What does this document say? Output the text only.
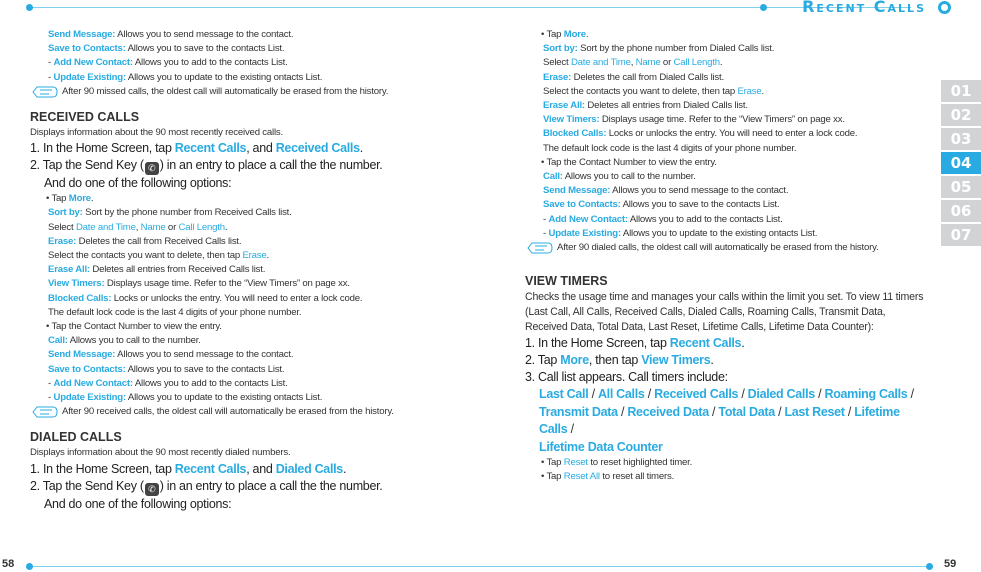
Recent Calls
58	59
01
02
03
04
05
06
07
Send Message: Allows you to send message to the contact.
Save to Contacts: Allows you to save to the contacts List.
- Add New Contact: Allows you to add to the contacts List.
- Update Existing: Allows you to update to the existing ontacts List.
After 90 missed calls, the oldest call will automatically be erased from the history.
RECEIVED CALLS
Displays information about the 90 most recently received calls.
1. In the Home Screen, tap Recent Calls, and Received Calls.
2. Tap the Send Key ( ✆ ) in an entry to place a call the the number.
And do one of the following options:
• Tap More.
Sort by: Sort by the phone number from Received Calls list.
Select Date and Time, Name or Call Length.
Erase: Deletes the call from Received Calls list.
Select the contacts you want to delete, then tap Erase.
Erase All: Deletes all entries from Received Calls list.
View Timers: Displays usage time. Refer to the “View Timers” on page xx.
Blocked Calls: Locks or unlocks the entry. You will need to enter a lock code.
The default lock code is the last 4 digits of your phone number.
• Tap the Contact Number to view the entry.
Call: Allows you to call to the number.
Send Message: Allows you to send message to the contact.
Save to Contacts: Allows you to save to the contacts List.
- Add New Contact: Allows you to add to the contacts List.
- Update Existing: Allows you to update to the existing ontacts List.
After 90 received calls, the oldest call will automatically be erased from the history.
DIALED CALLS
Displays information about the 90 most recently dialed numbers.
1. In the Home Screen, tap Recent Calls, and Dialed Calls.
2. Tap the Send Key ( ✆ ) in an entry to place a call the the number.
And do one of the following options:
• Tap More.
Sort by: Sort by the phone number from Dialed Calls list.
Select Date and Time, Name or Call Length.
Erase: Deletes the call from Dialed Calls list.
Select the contacts you want to delete, then tap Erase.
Erase All: Deletes all entries from Dialed Calls list.
View Timers: Displays usage time. Refer to the “View Timers” on page xx.
Blocked Calls: Locks or unlocks the entry. You will need to enter a lock code.
The default lock code is the last 4 digits of your phone number.
• Tap the Contact Number to view the entry.
Call: Allows you to call to the number.
Send Message: Allows you to send message to the contact.
Save to Contacts: Allows you to save to the contacts List.
- Add New Contact: Allows you to add to the contacts List.
- Update Existing: Allows you to update to the existing ontacts List.
After 90 dialed calls, the oldest call will automatically be erased from the history.
VIEW TIMERS
Checks the usage time and manages your calls within the limit you set. To view 11 timers (Last Call, All Calls, Received Calls, Dialed Calls, Roaming Calls, Transmit Data, Received Data, Total Data, Last Reset, Lifetime Calls, Lifetime Data Counter):
1. In the Home Screen, tap Recent Calls.
2. Tap More, then tap View Timers.
3. Call list appears. Call timers include:
Last Call / All Calls / Received Calls / Dialed Calls / Roaming Calls /
Transmit Data / Received Data / Total Data / Last Reset / Lifetime Calls /
Lifetime Data Counter
• Tap Reset to reset highlighted timer.
• Tap Reset All to reset all timers.
